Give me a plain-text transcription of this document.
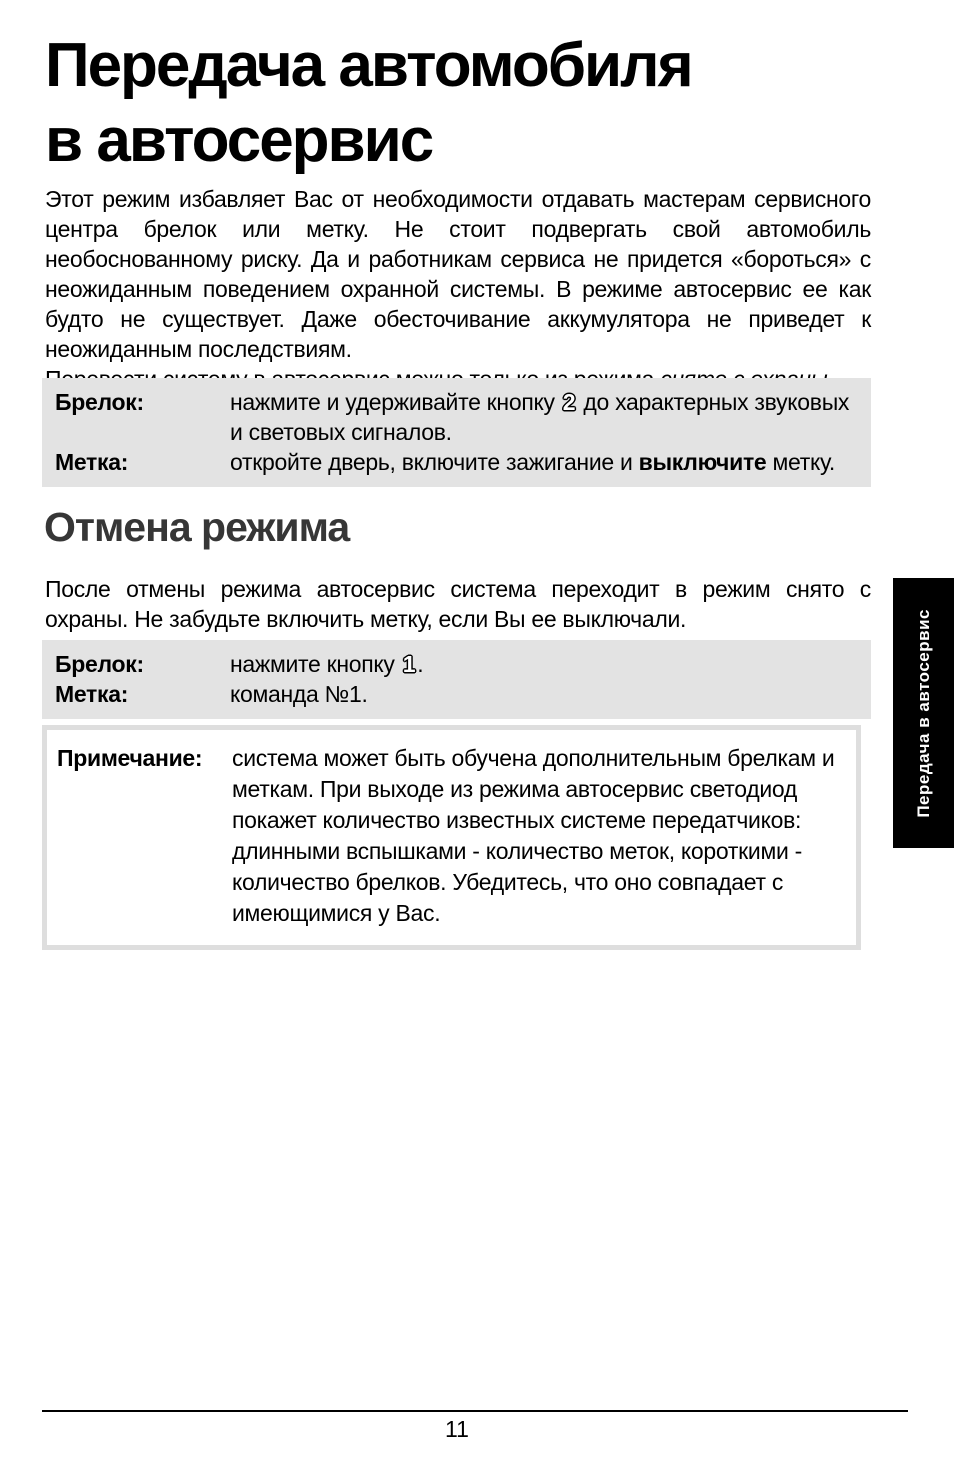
Передача автомобиля
в автосервис

Этот режим избавляет Вас от необходимости отдавать мастерам сервисного центра брелок или метку. Не стоит подвергать свой автомобиль необоснованному риску. Да и работникам сервиса не придется «бороться» с неожиданным поведением охранной системы. В режиме автосервис ее как будто не существует. Даже обесточивание аккумулятора не приведет к неожиданным последствиям.

Брелок:	нажмите и удерживайте кнопку 2 до характерных звуковых и световых сигналов.
Метка:	откройте дверь, включите зажигание и выключите метку.
Отмена режима

После отмены режима автосервис система переходит в режим снято с охраны. Не забудьте включить метку, если Вы ее выключали.

Брелок:	нажмите кнопку 1.
Метка:	команда №1.
Примечание:	система может быть обучена дополнительным брелкам и меткам. При выходе из режима автосервис светодиод покажет количество известных системе передатчиков: длинными вспышками - количество меток, короткими - количество брелков. Убедитесь, что оно совпадает с имеющимися у Вас.
Передача в автосервис
11
